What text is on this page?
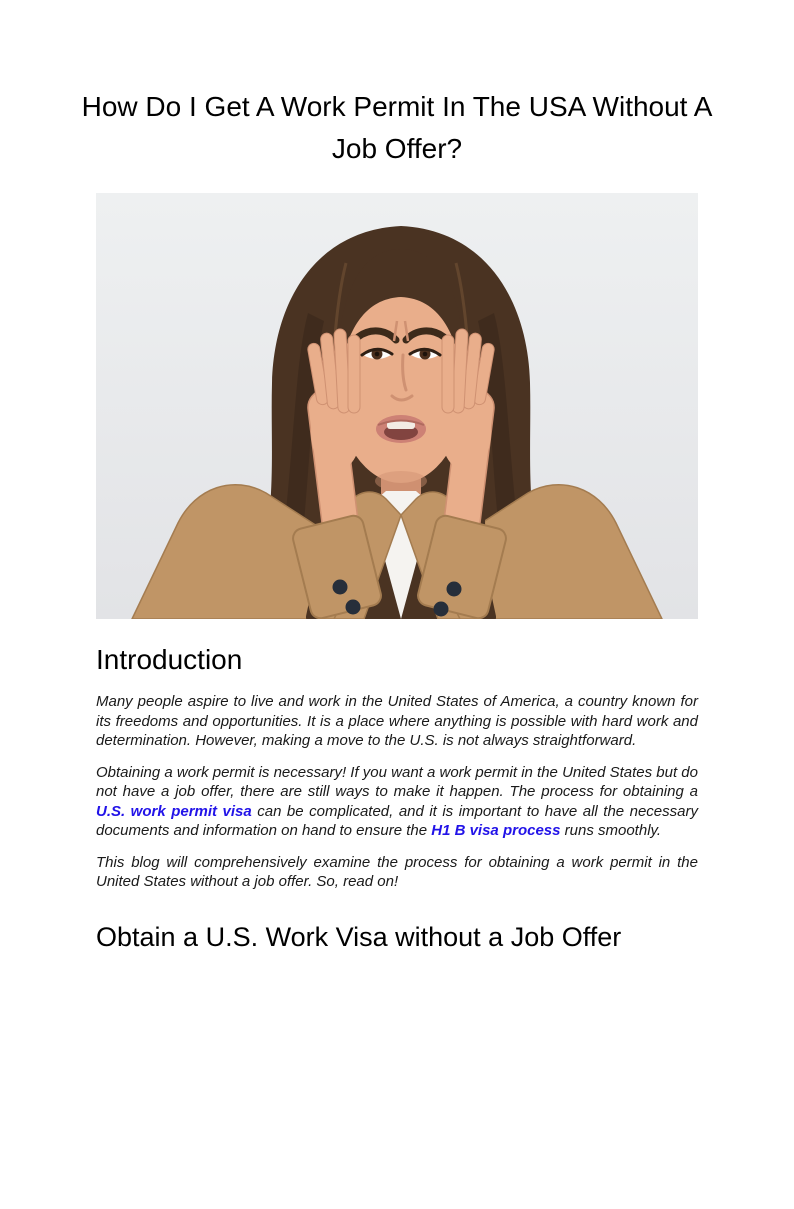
How Do I Get A Work Permit In The USA Without A Job Offer?
Introduction

Many people aspire to live and work in the United States of America, a country known for its freedoms and opportunities. It is a place where anything is possible with hard work and determination. However, making a move to the U.S. is not always straightforward.

Obtaining a work permit is necessary! If you want a work permit in the United States but do not have a job offer, there are still ways to make it happen. The process for obtaining a U.S. work permit visa can be complicated, and it is important to have all the necessary documents and information on hand to ensure the H1 B visa process runs smoothly.

This blog will comprehensively examine the process for obtaining a work permit in the United States without a job offer. So, read on!

Obtain a U.S. Work Visa without a Job Offer
